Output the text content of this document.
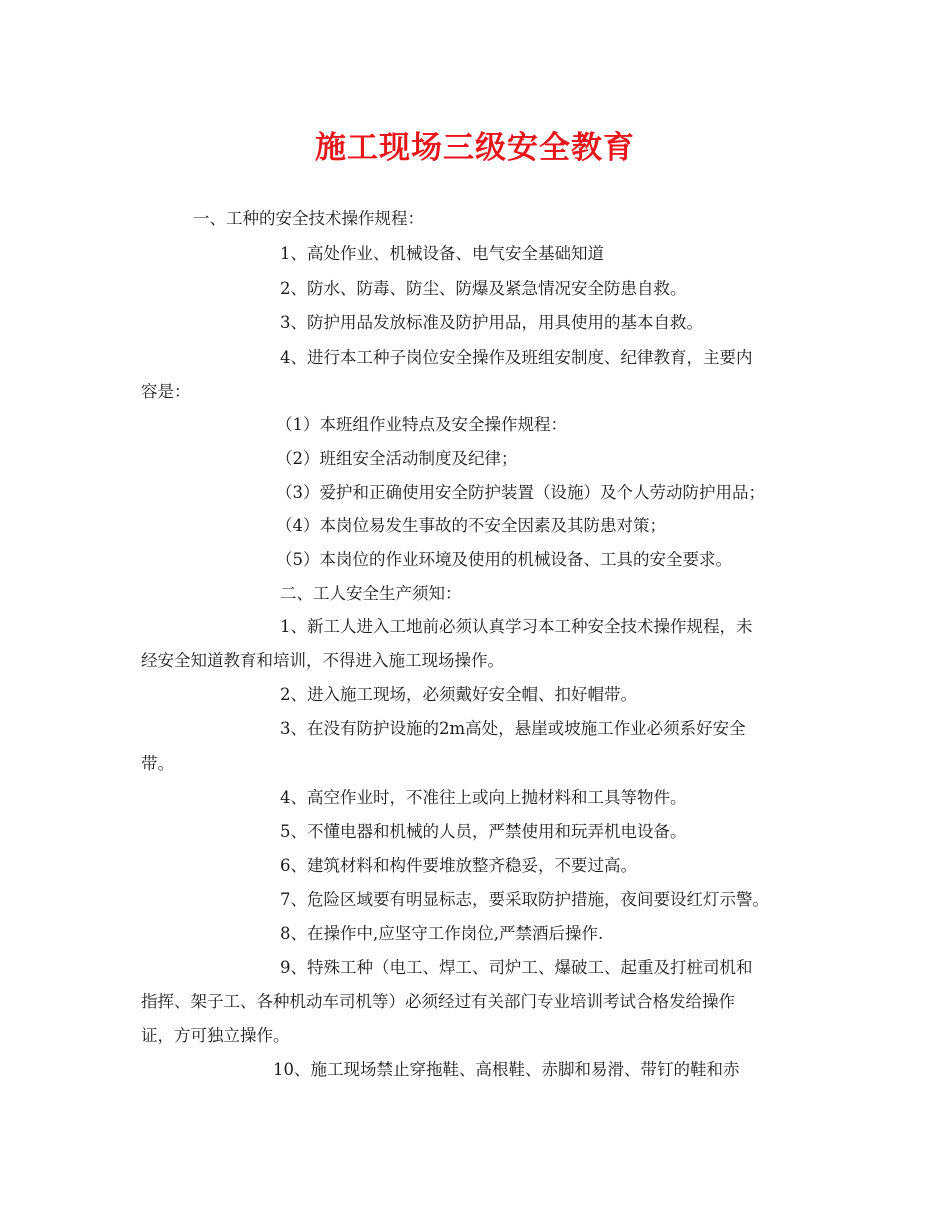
施工现场三级安全教育
一、工种的安全技术操作规程：
1、高处作业、机械设备、电气安全基础知道
2、防水、防毒、防尘、防爆及紧急情况安全防患自救。
3、防护用品发放标准及防护用品，用具使用的基本自救。
4、进行本工种子岗位安全操作及班组安制度、纪律教育，主要内
容是：
（1）本班组作业特点及安全操作规程：
（2）班组安全活动制度及纪律；
（3）爱护和正确使用安全防护装置（设施）及个人劳动防护用品；
（4）本岗位易发生事故的不安全因素及其防患对策；
（5）本岗位的作业环境及使用的机械设备、工具的安全要求。
二、工人安全生产须知：
1、新工人进入工地前必须认真学习本工种安全技术操作规程，未
经安全知道教育和培训，不得进入施工现场操作。
2、进入施工现场，必须戴好安全帽、扣好帽带。
3、在没有防护设施的2m高处，悬崖或坡施工作业必须系好安全
带。
4、高空作业时，不准往上或向上抛材料和工具等物件。
5、不懂电器和机械的人员，严禁使用和玩弄机电设备。
6、建筑材料和构件要堆放整齐稳妥，不要过高。
7、危险区域要有明显标志，要采取防护措施，夜间要设红灯示警。
8、在操作中,应坚守工作岗位,严禁酒后操作.
9、特殊工种（电工、焊工、司炉工、爆破工、起重及打桩司机和
指挥、架子工、各种机动车司机等）必须经过有关部门专业培训考试合格发给操作
证，方可独立操作。
10、施工现场禁止穿拖鞋、高根鞋、赤脚和易滑、带钉的鞋和赤
